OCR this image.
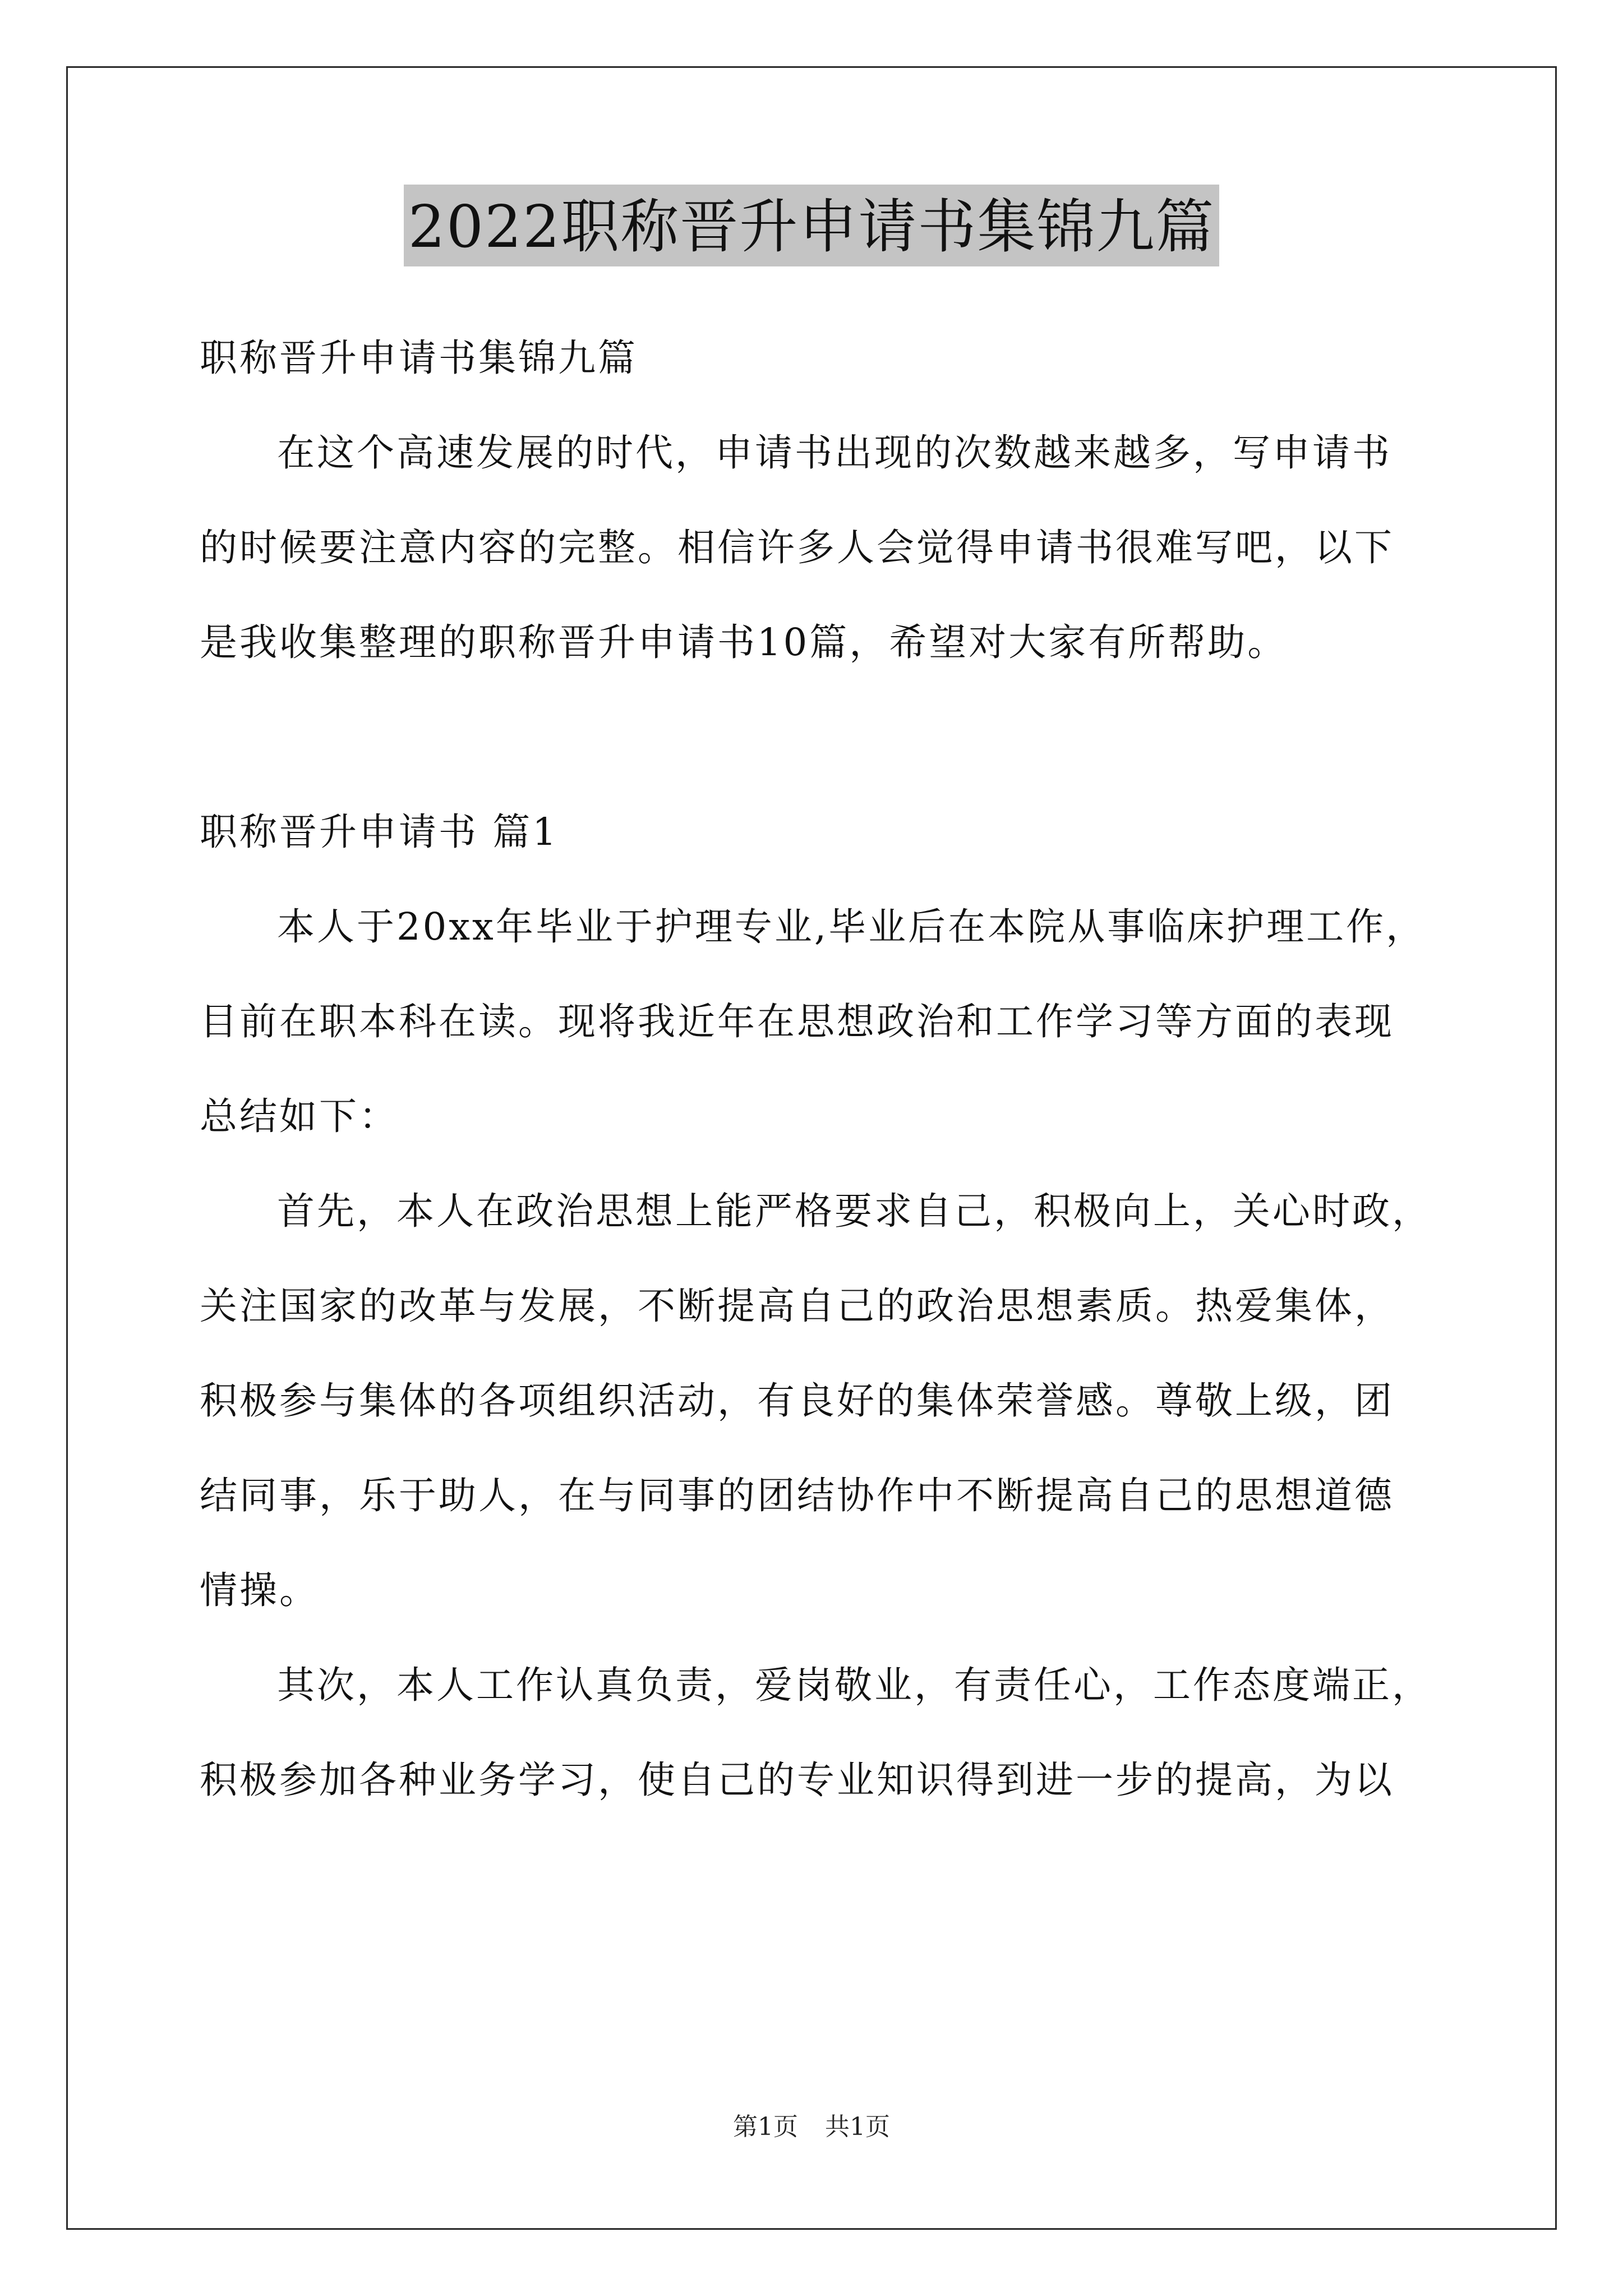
2022职称晋升申请书集锦九篇

职称晋升申请书集锦九篇

在这个高速发展的时代，申请书出现的次数越来越多，写申请书

的时候要注意内容的完整。相信许多人会觉得申请书很难写吧，以下

是我收集整理的职称晋升申请书10篇，希望对大家有所帮助。

职称晋升申请书 篇1

本人于20xx年毕业于护理专业,毕业后在本院从事临床护理工作，

目前在职本科在读。现将我近年在思想政治和工作学习等方面的表现

总结如下：

首先，本人在政治思想上能严格要求自己，积极向上，关心时政，

关注国家的改革与发展，不断提高自己的政治思想素质。热爱集体，

积极参与集体的各项组织活动，有良好的集体荣誉感。尊敬上级，团

结同事，乐于助人，在与同事的团结协作中不断提高自己的思想道德

情操。

其次，本人工作认真负责，爱岗敬业，有责任心，工作态度端正，

积极参加各种业务学习，使自己的专业知识得到进一步的提高，为以

第1页 共1页
